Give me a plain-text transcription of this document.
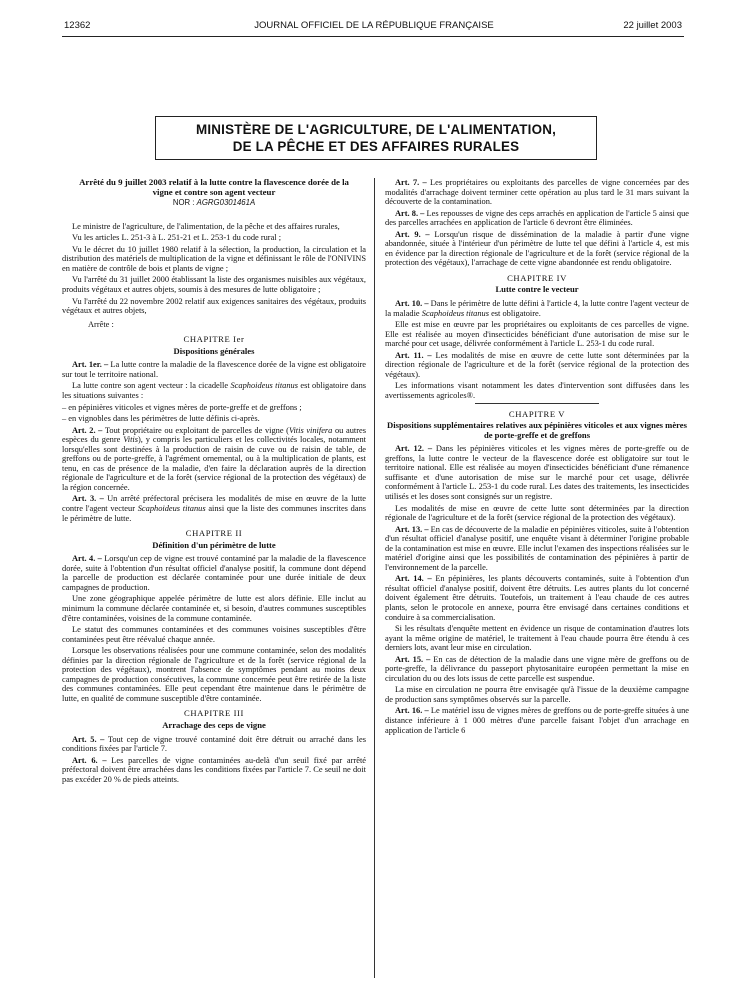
12362	JOURNAL OFFICIEL DE LA RÉPUBLIQUE FRANÇAISE	22 juillet 2003
MINISTÈRE DE L'AGRICULTURE, DE L'ALIMENTATION,
DE LA PÊCHE ET DES AFFAIRES RURALES
Arrêté du 9 juillet 2003 relatif à la lutte contre la flavescence dorée de la vigne et contre son agent vecteur
NOR : AGRG0301461A

Le ministre de l'agriculture, de l'alimentation, de la pêche et des affaires rurales,

Vu les articles L. 251-3 à L. 251-21 et L. 253-1 du code rural ;

Vu le décret du 10 juillet 1980 relatif à la sélection, la production, la circulation et la distribution des matériels de multiplication de la vigne et définissant le rôle de l'ONIVINS en matière de contrôle de bois et plants de vigne ;

Vu l'arrêté du 31 juillet 2000 établissant la liste des organismes nuisibles aux végétaux, produits végétaux et autres objets, soumis à des mesures de lutte obligatoire ;

Vu l'arrêté du 22 novembre 2002 relatif aux exigences sanitaires des végétaux, produits végétaux et autres objets,

Arrête :
CHAPITRE Ier
Dispositions générales

Art. 1er. – La lutte contre la maladie de la flavescence dorée de la vigne est obligatoire sur tout le territoire national.

La lutte contre son agent vecteur : la cicadelle Scaphoideus titanus est obligatoire dans les situations suivantes :

– en pépinières viticoles et vignes mères de porte-greffe et de greffons ;

– en vignobles dans les périmètres de lutte définis ci-après.

Art. 2. – Tout propriétaire ou exploitant de parcelles de vigne (Vitis vinifera ou autres espèces du genre Vitis), y compris les particuliers et les collectivités locales, notamment lorsqu'elles sont destinées à la production de raisin de cuve ou de raisin de table, de greffons ou de porte-greffe, à l'agrément ornemental, ou à la multiplication de plants, est tenu, en cas de présence de la maladie, d'en faire la déclaration auprès de la direction régionale de l'agriculture et de la forêt (service régional de la protection des végétaux) de la région concernée.

Art. 3. – Un arrêté préfectoral précisera les modalités de mise en œuvre de la lutte contre l'agent vecteur Scaphoideus titanus ainsi que la liste des communes inscrites dans le périmètre de lutte.

CHAPITRE II
Définition d'un périmètre de lutte

Art. 4. – Lorsqu'un cep de vigne est trouvé contaminé par la maladie de la flavescence dorée, suite à l'obtention d'un résultat officiel d'analyse positif, la commune dont dépend la parcelle de production est déclarée contaminée pour une durée initiale de deux campagnes de production.

Une zone géographique appelée périmètre de lutte est alors définie. Elle inclut au minimum la commune déclarée contaminée et, si besoin, d'autres communes susceptibles d'être contaminées, voisines de la commune contaminée.

Le statut des communes contaminées et des communes voisines susceptibles d'être contaminées peut être réévalué chaque année.

Lorsque les observations réalisées pour une commune contaminée, selon des modalités définies par la direction régionale de l'agriculture et de la forêt (service régional de la protection des végétaux), montrent l'absence de symptômes pendant au moins deux campagnes de production consécutives, la commune concernée peut être retirée de la liste des communes contaminées. Elle peut cependant être maintenue dans le périmètre de lutte, en qualité de commune susceptible d'être contaminée.

CHAPITRE III
Arrachage des ceps de vigne

Art. 5. – Tout cep de vigne trouvé contaminé doit être détruit ou arraché dans les conditions fixées par l'article 7.

Art. 6. – Les parcelles de vigne contaminées au-delà d'un seuil fixé par arrêté préfectoral doivent être arrachées dans les conditions fixées par l'article 7. Ce seuil ne doit pas excéder 20 % de pieds atteints.

Art. 7. – Les propriétaires ou exploitants des parcelles de vigne concernées par des modalités d'arrachage doivent terminer cette opération au plus tard le 31 mars suivant la découverte de la contamination.

Art. 8. – Les repousses de vigne des ceps arrachés en application de l'article 5 ainsi que des parcelles arrachées en application de l'article 6 devront être éliminées.

Art. 9. – Lorsqu'un risque de dissémination de la maladie à partir d'une vigne abandonnée, située à l'intérieur d'un périmètre de lutte tel que défini à l'article 4, est mis en évidence par la direction régionale de l'agriculture et de la forêt (service régional de la protection des végétaux), l'arrachage de cette vigne abandonnée est rendu obligatoire.

CHAPITRE IV
Lutte contre le vecteur

Art. 10. – Dans le périmètre de lutte défini à l'article 4, la lutte contre l'agent vecteur de la maladie Scaphoideus titanus est obligatoire.

Elle est mise en œuvre par les propriétaires ou exploitants de ces parcelles de vigne. Elle est réalisée au moyen d'insecticides bénéficiant d'une autorisation de mise sur le marché pour cet usage, délivrée conformément à l'article L. 253-1 du code rural.

Art. 11. – Les modalités de mise en œuvre de cette lutte sont déterminées par la direction régionale de l'agriculture et de la forêt (service régional de la protection des végétaux).

Les informations visant notamment les dates d'intervention sont diffusées dans les avertissements agricoles®.

CHAPITRE V
Dispositions supplémentaires relatives aux pépinières viticoles et aux vignes mères de porte-greffe et de greffons

Art. 12. – Dans les pépinières viticoles et les vignes mères de porte-greffe ou de greffons, la lutte contre le vecteur de la flavescence dorée est obligatoire sur tout le territoire national. Elle est réalisée au moyen d'insecticides bénéficiant d'une rémanence suffisante et d'une autorisation de mise sur le marché pour cet usage, délivrée conformément à l'article L. 253-1 du code rural. Les dates des traitements, les insecticides utilisés et les doses sont consignés sur un registre.

Les modalités de mise en œuvre de cette lutte sont déterminées par la direction régionale de l'agriculture et de la forêt (service régional de la protection des végétaux).

Art. 13. – En cas de découverte de la maladie en pépinières viticoles, suite à l'obtention d'un résultat officiel d'analyse positif, une enquête visant à déterminer l'origine probable de la contamination est mise en œuvre. Elle inclut l'examen des inspections réalisées sur le matériel d'origine ainsi que les possibilités de contamination des pépinières à partir de l'environnement de la parcelle.

Art. 14. – En pépinières, les plants découverts contaminés, suite à l'obtention d'un résultat officiel d'analyse positif, doivent être détruits. Les autres plants du lot concerné doivent également être détruits. Toutefois, un traitement à l'eau chaude de ces autres plants, selon le protocole en annexe, pourra être envisagé dans certaines conditions et conduire à sa commercialisation.

Si les résultats d'enquête mettent en évidence un risque de contamination d'autres lots ayant la même origine de matériel, le traitement à l'eau chaude pourra être étendu à ces derniers lots, avant leur mise en circulation.

Art. 15. – En cas de détection de la maladie dans une vigne mère de greffons ou de porte-greffe, la délivrance du passeport phytosanitaire européen permettant la mise en circulation du ou des lots issus de cette parcelle est suspendue.

La mise en circulation ne pourra être envisagée qu'à l'issue de la deuxième campagne de production sans symptômes observés sur la parcelle.

Art. 16. – Le matériel issu de vignes mères de greffons ou de porte-greffe situées à une distance inférieure à 1 000 mètres d'une parcelle faisant l'objet d'un arrachage en application de l'article 6
